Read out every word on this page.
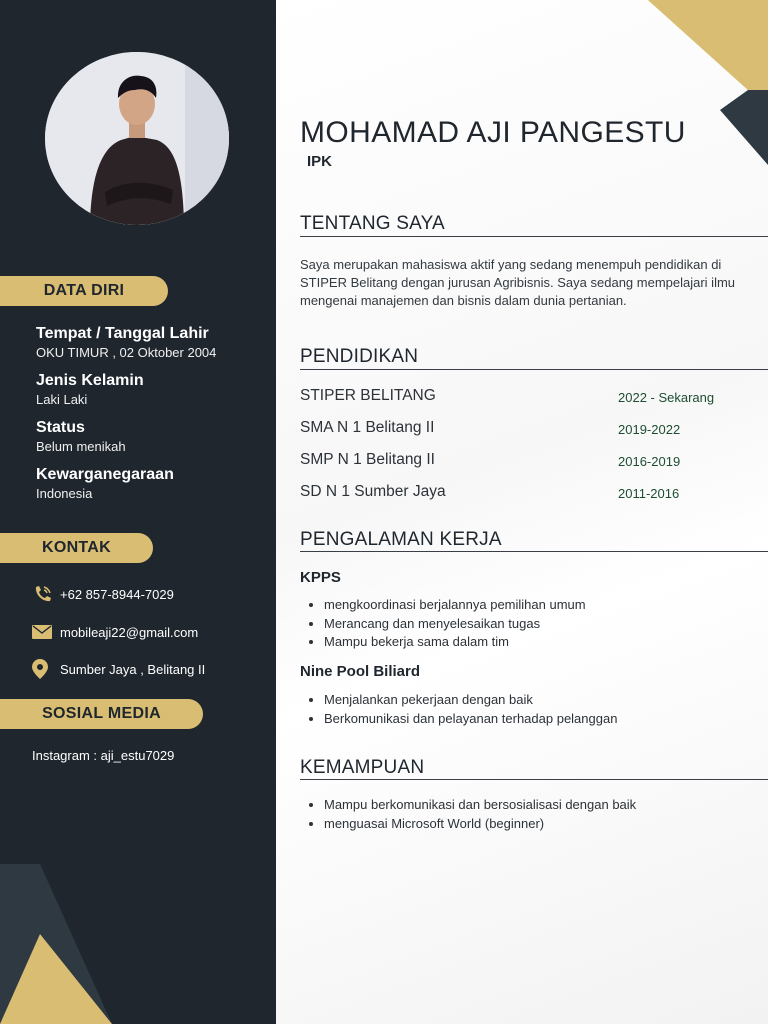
DATA DIRI
Tempat / Tanggal Lahir
OKU TIMUR , 02 Oktober 2004
Jenis Kelamin
Laki Laki
Status
Belum menikah
Kewarganegaraan
Indonesia
KONTAK
+62 857-8944-7029
mobileaji22@gmail.com
Sumber Jaya , Belitang II
SOSIAL MEDIA
Instagram : aji_estu7029
MOHAMAD AJI PANGESTU
IPK
TENTANG SAYA
Saya merupakan mahasiswa aktif yang sedang menempuh pendidikan di STIPER Belitang dengan jurusan Agribisnis. Saya sedang mempelajari ilmu mengenai manajemen dan bisnis dalam dunia pertanian.
PENDIDIKAN
STIPER BELITANG	2022 - Sekarang
SMA N 1 Belitang II	2019-2022
SMP N 1 Belitang II	2016-2019
SD N 1 Sumber Jaya	2011-2016
PENGALAMAN KERJA
KPPS
• mengkoordinasi berjalannya pemilihan umum
• Merancang dan menyelesaikan tugas
• Mampu bekerja sama dalam tim
Nine Pool Biliard
• Menjalankan pekerjaan dengan baik
• Berkomunikasi dan pelayanan terhadap pelanggan
KEMAMPUAN
• Mampu berkomunikasi dan bersosialisasi dengan baik
• menguasai Microsoft World (beginner)
